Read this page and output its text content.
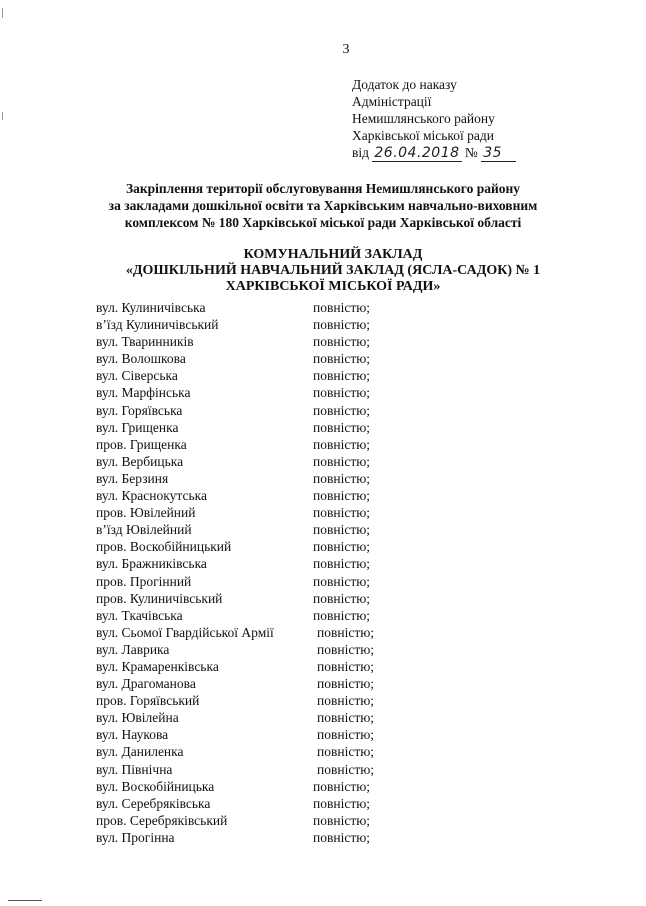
3
Додаток до наказу
Адміністрації
Немишлянського району
Харківської міської ради
від 26.04.2018 № 35
Закріплення території обслуговування Немишлянського району
за закладами дошкільної освіти та Харківським навчально-виховним
комплексом № 180 Харківської міської ради Харківської області
КОМУНАЛЬНИЙ ЗАКЛАД
«ДОШКІЛЬНИЙ НАВЧАЛЬНИЙ ЗАКЛАД (ЯСЛА-САДОК) № 1
ХАРКІВСЬКОЇ МІСЬКОЇ РАДИ»
вул. Кулиничівська	повністю;
в’їзд Кулиничівський	повністю;
вул. Тваринників	повністю;
вул. Волошкова	повністю;
вул. Сіверська	повністю;
вул. Марфінська	повністю;
вул. Горяївська	повністю;
вул. Грищенка	повністю;
пров. Грищенка	повністю;
вул. Вербицька	повністю;
вул. Берзиня	повністю;
вул. Краснокутська	повністю;
пров. Ювілейний	повністю;
в’їзд Ювілейний	повністю;
пров. Воскобійницький	повністю;
вул. Бражниківська	повністю;
пров. Прогінний	повністю;
пров. Кулиничівський	повністю;
вул. Ткачівська	повністю;
вул. Сьомої Гвардійської Армії	повністю;
вул. Лаврика	повністю;
вул. Крамаренківська	повністю;
вул. Драгоманова	повністю;
пров. Горяївський	повністю;
вул. Ювілейна	повністю;
вул. Наукова	повністю;
вул. Даниленка	повністю;
вул. Північна	повністю;
вул. Воскобійницька	повністю;
вул. Серебряківська	повністю;
пров. Серебряківський	повністю;
вул. Прогінна	повністю;
